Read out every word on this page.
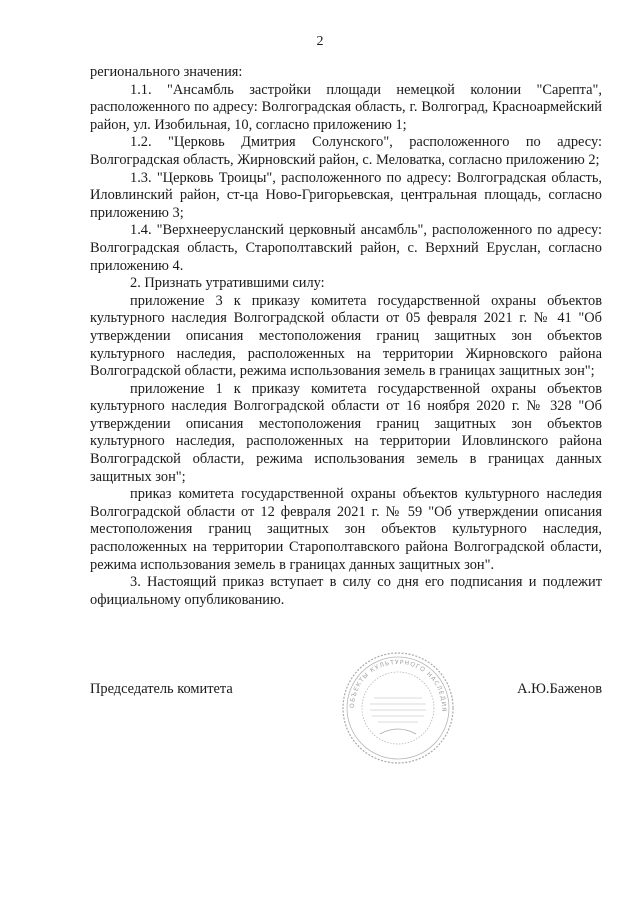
2

регионального значения:

1.1. "Ансамбль застройки площади немецкой колонии "Сарепта", расположенного по адресу: Волгоградская область, г. Волгоград, Красноармейский район, ул. Изобильная, 10, согласно приложению 1;

1.2. "Церковь Дмитрия Солунского", расположенного по адресу: Волгоградская область, Жирновский район, с. Меловатка, согласно приложению 2;

1.3. "Церковь Троицы", расположенного по адресу: Волгоградская область, Иловлинский район, ст-ца Ново-Григорьевская, центральная площадь, согласно приложению 3;

1.4. "Верхнеерусланский церковный ансамбль", расположенного по адресу: Волгоградская область, Старополтавский район, с. Верхний Еруслан, согласно приложению 4.

2. Признать утратившими силу:

приложение 3 к приказу комитета государственной охраны объектов культурного наследия Волгоградской области от 05 февраля 2021 г. № 41 "Об утверждении описания местоположения границ защитных зон объектов культурного наследия, расположенных на территории Жирновского района Волгоградской области, режима использования земель в границах защитных зон";

приложение 1 к приказу комитета государственной охраны объектов культурного наследия Волгоградской области от 16 ноября 2020 г. № 328 "Об утверждении описания местоположения границ защитных зон объектов культурного наследия, расположенных на территории Иловлинского района Волгоградской области, режима использования земель в границах данных защитных зон";

приказ комитета государственной охраны объектов культурного наследия Волгоградской области от 12 февраля 2021 г. № 59 "Об утверждении описания местоположения границ защитных зон объектов культурного наследия, расположенных на территории Старополтавского района Волгоградской области, режима использования земель в границах данных защитных зон".

3. Настоящий приказ вступает в силу со дня его подписания и подлежит официальному опубликованию.

Председатель комитета	А.Ю.Баженов
ОБЪЕКТЫ КУЛЬТУРНОГО НАСЛЕДИЯ
